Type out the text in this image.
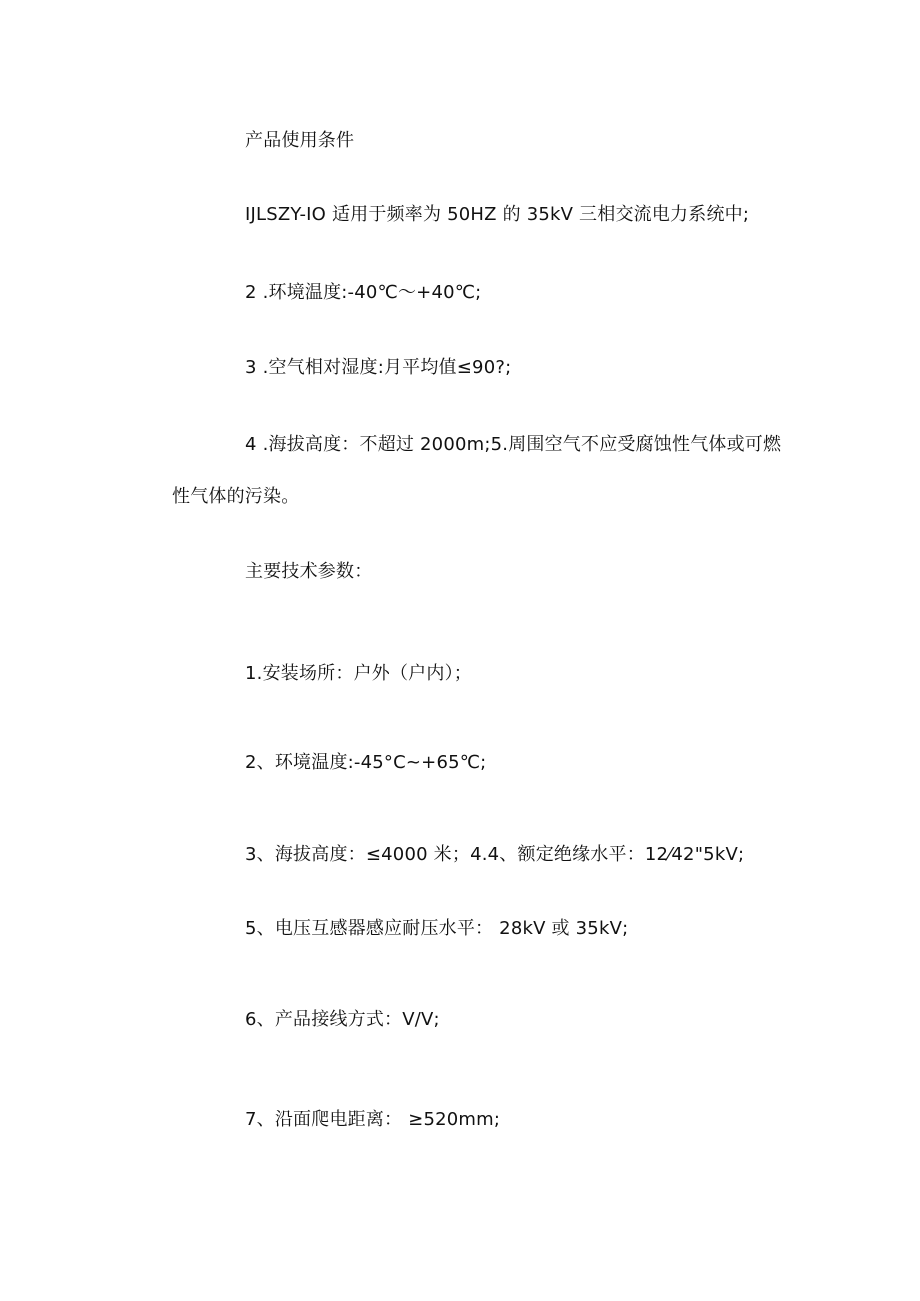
产品使用条件
IJLSZY-IO 适用于频率为 50HZ 的 35kV 三相交流电力系统中;
2 .环境温度:-40℃～+40℃;
3 .空气相对湿度:月平均值≤90?;
4 .海拔高度：不超过 2000m;5.周围空气不应受腐蚀性气体或可燃
性气体的污染。
主要技术参数：
1.安装场所：户外（户内）；
2、环境温度:-45°C~+65℃;
3、海拔高度：≤4000 米；4.4、额定绝缘水平：12⁄42"5kV;
5、电压互感器感应耐压水平： 28kV 或 35kV;
6、产品接线方式：V/V;
7、沿面爬电距离： ≥520mm;
